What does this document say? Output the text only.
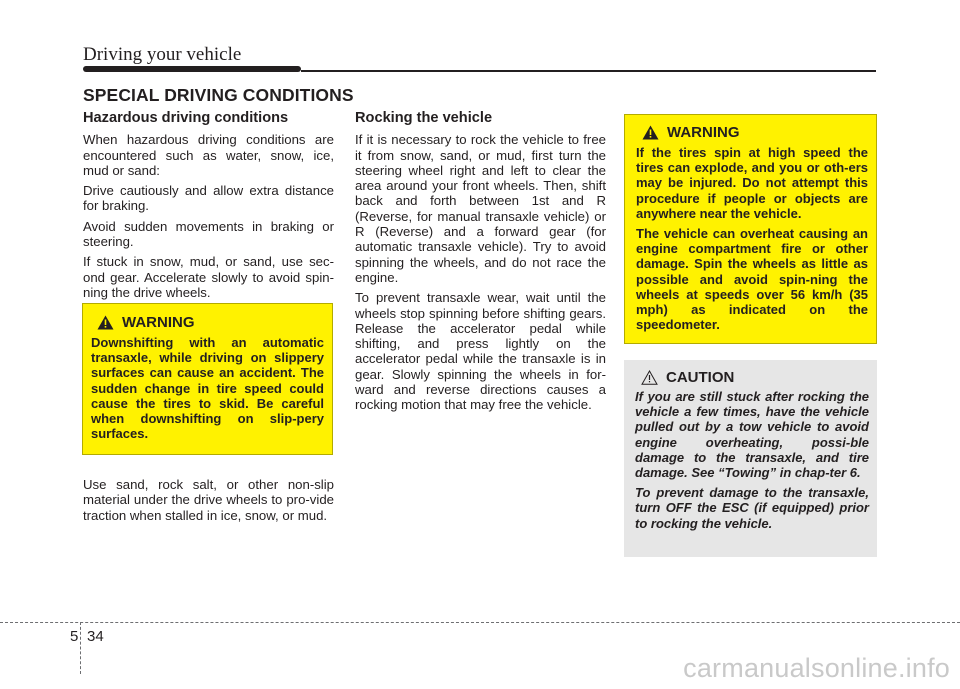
Driving your vehicle
SPECIAL DRIVING CONDITIONS
Hazardous driving conditions

When hazardous driving conditions are encountered such as water, snow, ice, mud or sand:

Drive cautiously and allow extra distance for braking.

Avoid sudden movements in braking or steering.

If stuck in snow, mud, or sand, use sec-ond gear. Accelerate slowly to avoid spin-ning the drive wheels.

WARNING

Downshifting with an automatic transaxle, while driving on slippery surfaces can cause an accident. The sudden change in tire speed could cause the tires to skid. Be careful when downshifting on slip-pery surfaces.

Use sand, rock salt, or other non-slip material under the drive wheels to pro-vide traction when stalled in ice, snow, or mud.

Rocking the vehicle

If it is necessary to rock the vehicle to free it from snow, sand, or mud, first turn the steering wheel right and left to clear the area around your front wheels. Then, shift back and forth between 1st and R (Reverse, for manual transaxle vehicle) or R (Reverse) and a forward gear (for automatic transaxle vehicle). Try to avoid spinning the wheels, and do not race the engine.

To prevent transaxle wear, wait until the wheels stop spinning before shifting gears. Release the accelerator pedal while shifting, and press lightly on the accelerator pedal while the transaxle is in gear. Slowly spinning the wheels in for-ward and reverse directions causes a rocking motion that may free the vehicle.

WARNING

If the tires spin at high speed the tires can explode, and you or oth-ers may be injured. Do not attempt this procedure if people or objects are anywhere near the vehicle.

The vehicle can overheat causing an engine compartment fire or other damage. Spin the wheels as little as possible and avoid spin-ning the wheels at speeds over 56 km/h (35 mph) as indicated on the speedometer.

CAUTION

If you are still stuck after rocking the vehicle a few times, have the vehicle pulled out by a tow vehicle to avoid engine overheating, possi-ble damage to the transaxle, and tire damage. See “Towing” in chap-ter 6.

To prevent damage to the transaxle, turn OFF the ESC (if equipped) prior to rocking the vehicle.

5 34
carmanualsonline.info
